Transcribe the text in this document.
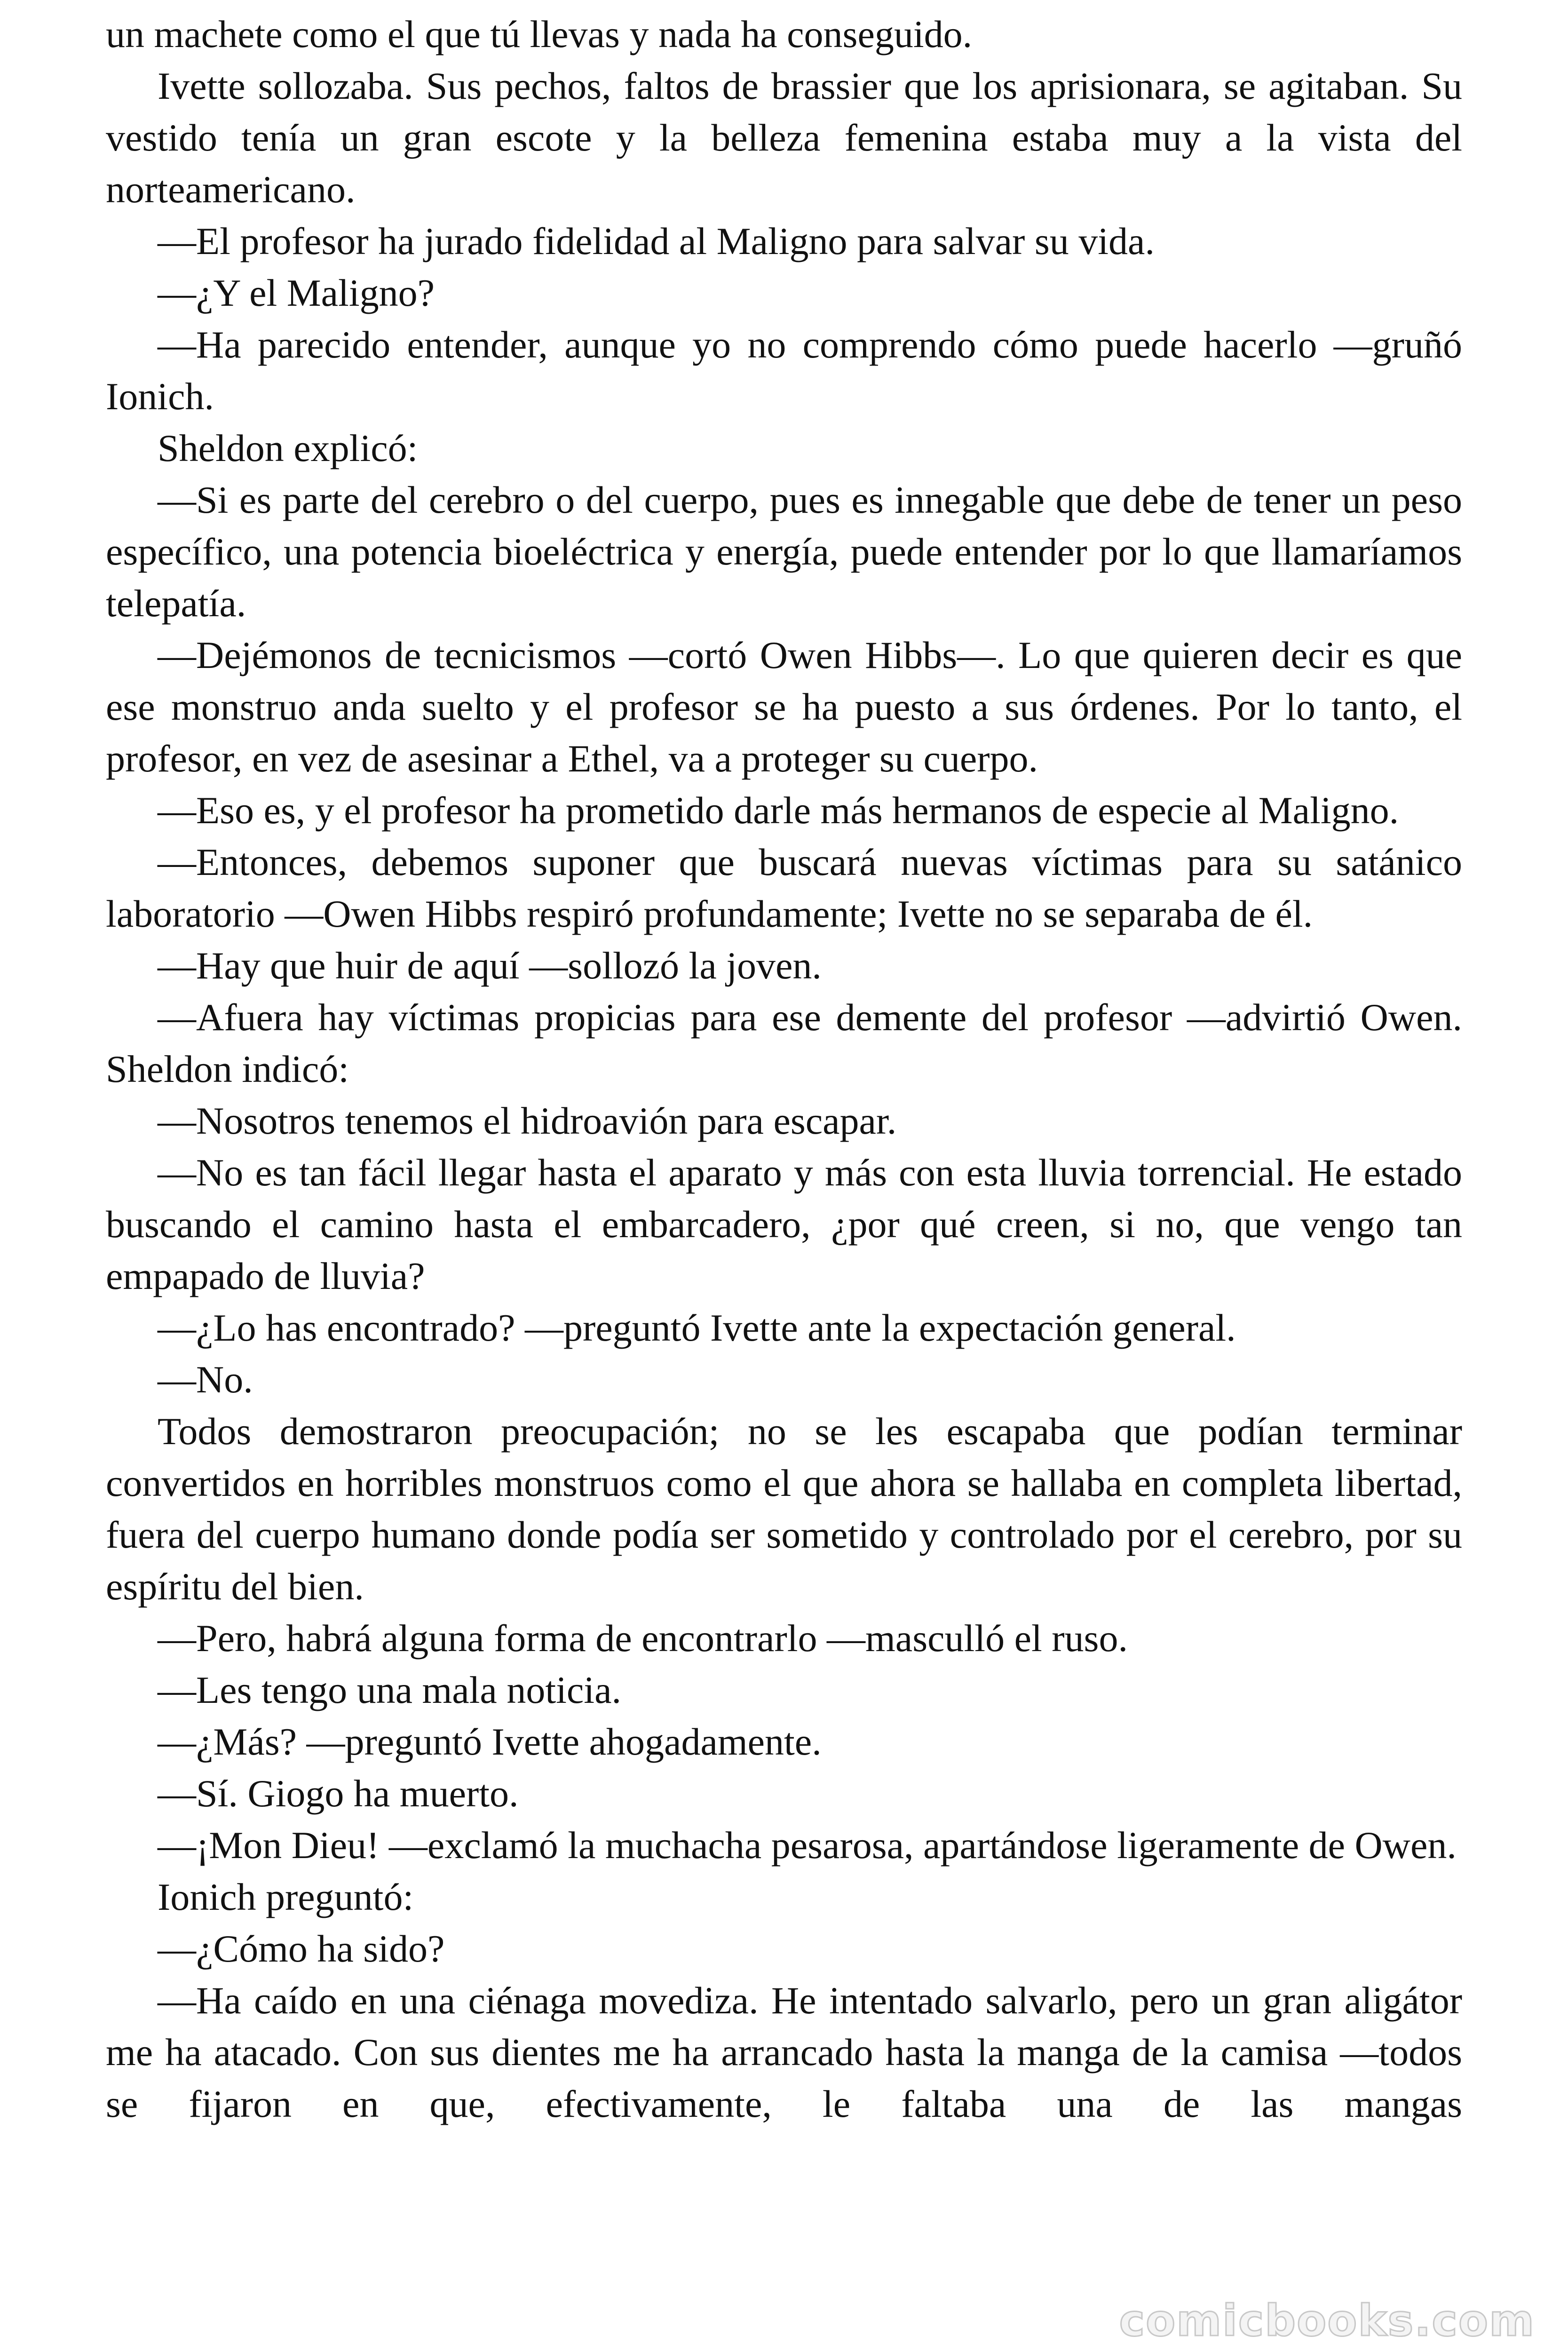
un machete como el que tú llevas y nada ha conseguido.

Ivette sollozaba. Sus pechos, faltos de brassier que los aprisionara, se agitaban. Su vestido tenía un gran escote y la belleza femenina estaba muy a la vista del norteamericano.

—El profesor ha jurado fidelidad al Maligno para salvar su vida.

—¿Y el Maligno?

—Ha parecido entender, aunque yo no comprendo cómo puede hacerlo —gruñó Ionich.

Sheldon explicó:

—Si es parte del cerebro o del cuerpo, pues es innegable que debe de tener un peso específico, una potencia bioeléctrica y energía, puede entender por lo que llamaríamos telepatía.

—Dejémonos de tecnicismos —cortó Owen Hibbs—. Lo que quieren decir es que ese monstruo anda suelto y el profesor se ha puesto a sus órdenes. Por lo tanto, el profesor, en vez de asesinar a Ethel, va a proteger su cuerpo.

—Eso es, y el profesor ha prometido darle más hermanos de especie al Maligno.

—Entonces, debemos suponer que buscará nuevas víctimas para su satánico laboratorio —Owen Hibbs respiró profundamente; Ivette no se separaba de él.

—Hay que huir de aquí —sollozó la joven.

—Afuera hay víctimas propicias para ese demente del profesor —advirtió Owen. Sheldon indicó:

—Nosotros tenemos el hidroavión para escapar.

—No es tan fácil llegar hasta el aparato y más con esta lluvia torrencial. He estado buscando el camino hasta el embarcadero, ¿por qué creen, si no, que vengo tan empapado de lluvia?

—¿Lo has encontrado? —preguntó Ivette ante la expectación general.

—No.

Todos demostraron preocupación; no se les escapaba que podían terminar convertidos en horribles monstruos como el que ahora se hallaba en completa libertad, fuera del cuerpo humano donde podía ser sometido y controlado por el cerebro, por su espíritu del bien.

—Pero, habrá alguna forma de encontrarlo —masculló el ruso.

—Les tengo una mala noticia.

—¿Más? —preguntó Ivette ahogadamente.

—Sí. Giogo ha muerto.

—¡Mon Dieu! —exclamó la muchacha pesarosa, apartándose ligeramente de Owen.

Ionich preguntó:

—¿Cómo ha sido?

—Ha caído en una ciénaga movediza. He intentado salvarlo, pero un gran aligátor me ha atacado. Con sus dientes me ha arrancado hasta la manga de la camisa —todos se fijaron en que, efectivamente, le faltaba una de las mangas

comicbooks.com
